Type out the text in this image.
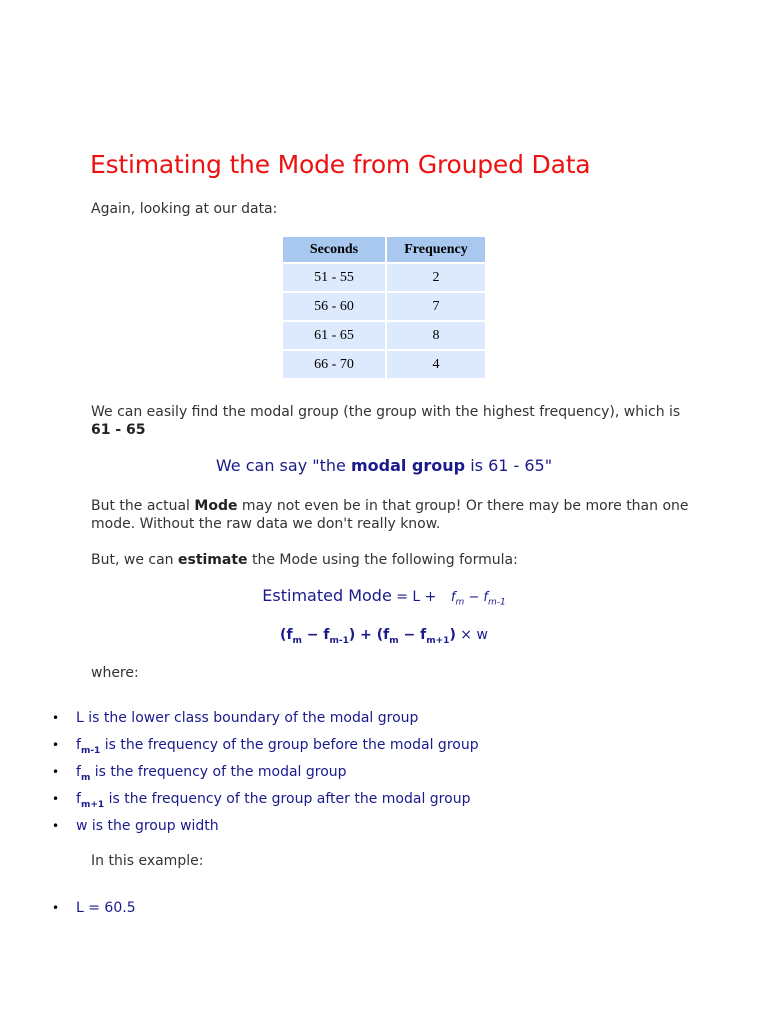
Estimating the Mode from Grouped Data

Again, looking at our data:

Seconds	Frequency
51 - 55	2
56 - 60	7
61 - 65	8
66 - 70	4

We can easily find the modal group (the group with the highest frequency), which is 61 - 65

We can say "the modal group is 61 - 65"

But the actual Mode may not even be in that group! Or there may be more than one mode. Without the raw data we don't really know.

But, we can estimate the Mode using the following formula:

Estimated Mode = $L + f_m - f_{m-1}$
$(f_m - f_{m-1}) + (f_m - f_{m+1}) \times w$

where:

• L is the lower class boundary of the modal group
• $f_{m-1}$ is the frequency of the group before the modal group
• $f_m$ is the frequency of the modal group
• $f_{m+1}$ is the frequency of the group after the modal group
• w is the group width

In this example:

• L = 60.5
